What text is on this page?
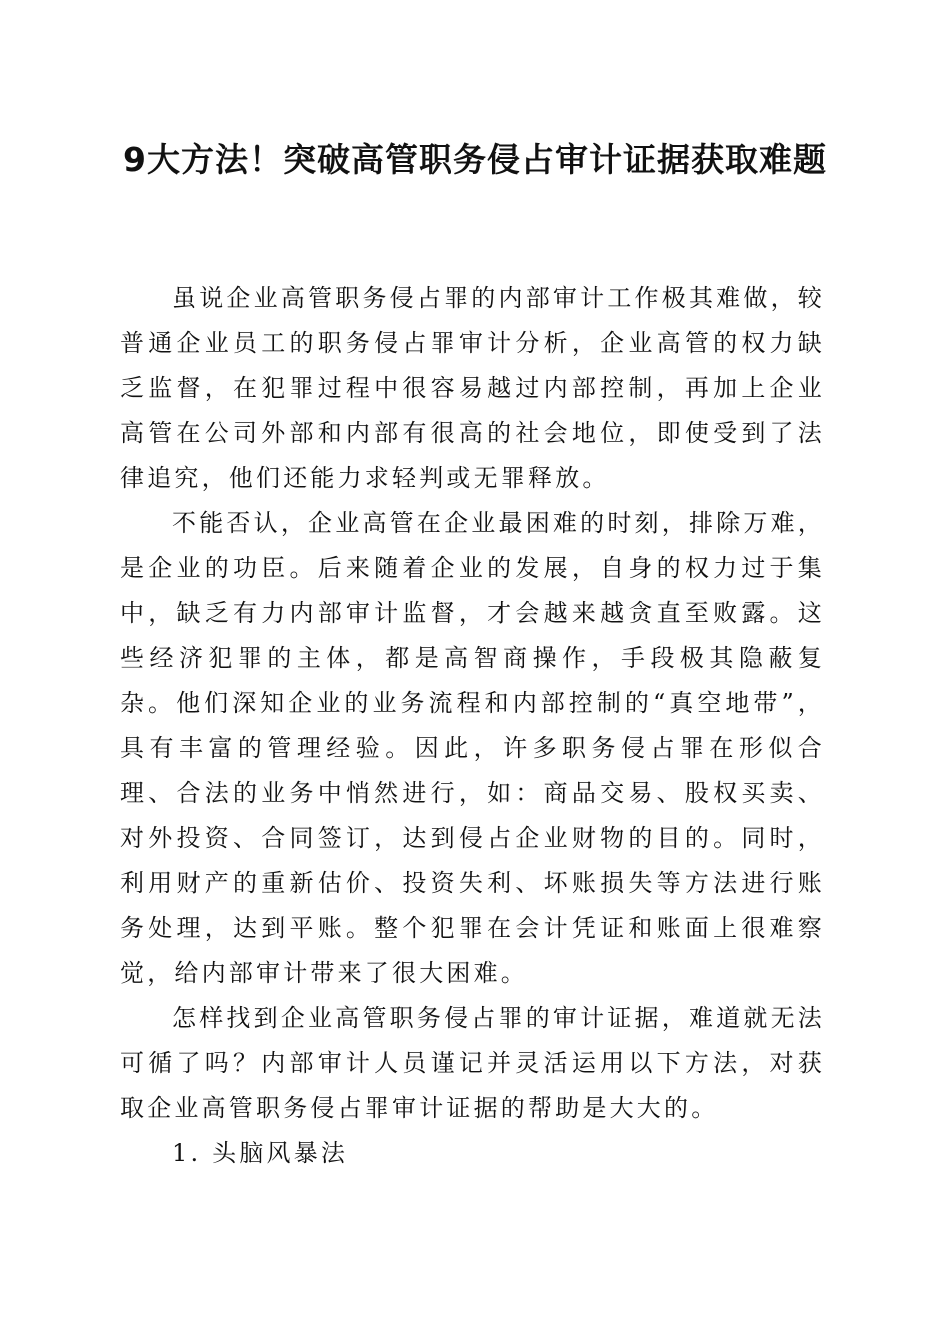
9大方法！突破高管职务侵占审计证据获取难题

虽说企业高管职务侵占罪的内部审计工作极其难做，较普通企业员工的职务侵占罪审计分析，企业高管的权力缺乏监督，在犯罪过程中很容易越过内部控制，再加上企业高管在公司外部和内部有很高的社会地位，即使受到了法律追究，他们还能力求轻判或无罪释放。

不能否认，企业高管在企业最困难的时刻，排除万难，是企业的功臣。后来随着企业的发展，自身的权力过于集中，缺乏有力内部审计监督，才会越来越贪直至败露。这些经济犯罪的主体，都是高智商操作，手段极其隐蔽复杂。他们深知企业的业务流程和内部控制的“真空地带”，具有丰富的管理经验。因此，许多职务侵占罪在形似合理、合法的业务中悄然进行，如：商品交易、股权买卖、对外投资、合同签订，达到侵占企业财物的目的。同时，利用财产的重新估价、投资失利、坏账损失等方法进行账务处理，达到平账。整个犯罪在会计凭证和账面上很难察觉，给内部审计带来了很大困难。

怎样找到企业高管职务侵占罪的审计证据，难道就无法可循了吗？内部审计人员谨记并灵活运用以下方法，对获取企业高管职务侵占罪审计证据的帮助是大大的。

1. 头脑风暴法
